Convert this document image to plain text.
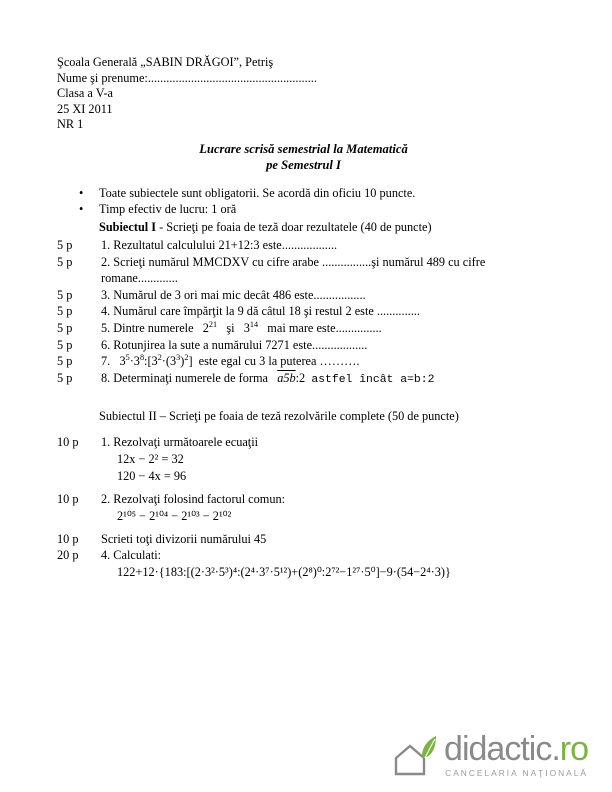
Şcoala Generală „SABIN DRĂGOI”, Petriş
Nume şi prenume:.......................................................
Clasa a V-a
25 XI 2011
NR 1
Lucrare scrisă semestrial la Matematică
pe Semestrul I
•	Toate subiectele sunt obligatorii. Se acordă din oficiu 10 puncte.
•	Timp efectiv de lucru: 1 oră
Subiectul I - Scrieţi pe foaia de teză doar rezultatele (40 de puncte)
5 p	1. Rezultatul calculului 21+12:3 este..................
5 p	2. Scrieţi numărul MMCDXV cu cifre arabe ................şi numărul 489 cu cifre romane.............
5 p	3. Numărul de 3 ori mai mic decât 486 este.................
5 p	4. Numărul care împărţit la 9 dă câtul 18 şi restul 2 este ..............
5 p	5. Dintre numerele   $2^{21}$   şi   $3^{14}$   mai mare este...............
5 p	6. Rotunjirea la sute a numărului 7271 este..................
5 p	7.   $3^5\cdot 3^8:[3^2\cdot(3^3)^2]$  este egal cu 3 la puterea ……….
5 p	8. Determinaţi numerele de forma   a5b:2  astfel încât a=b:2
Subiectul II – Scrieţi pe foaia de teză rezolvările complete (50 de puncte)
10 p	1. Rezolvaţi următoarele ecuaţii
12x − 2² = 32
120 − 4x = 96
10 p	2. Rezolvaţi folosind factorul comun:
2¹⁰⁵ − 2¹⁰⁴ − 2¹⁰³ − 2¹⁰²
10 p	Scrieti toţi divizorii numărului 45
20 p	4. Calculati:
122+12·{183:[(2·3²·5³)⁴:(2⁴·3⁷·5¹²)+(2⁸)⁰:2⁷²−1²⁷·5⁰]−9·(54−2⁴·3)}
didactic.ro
CANCELARIA NAŢIONALĂ
